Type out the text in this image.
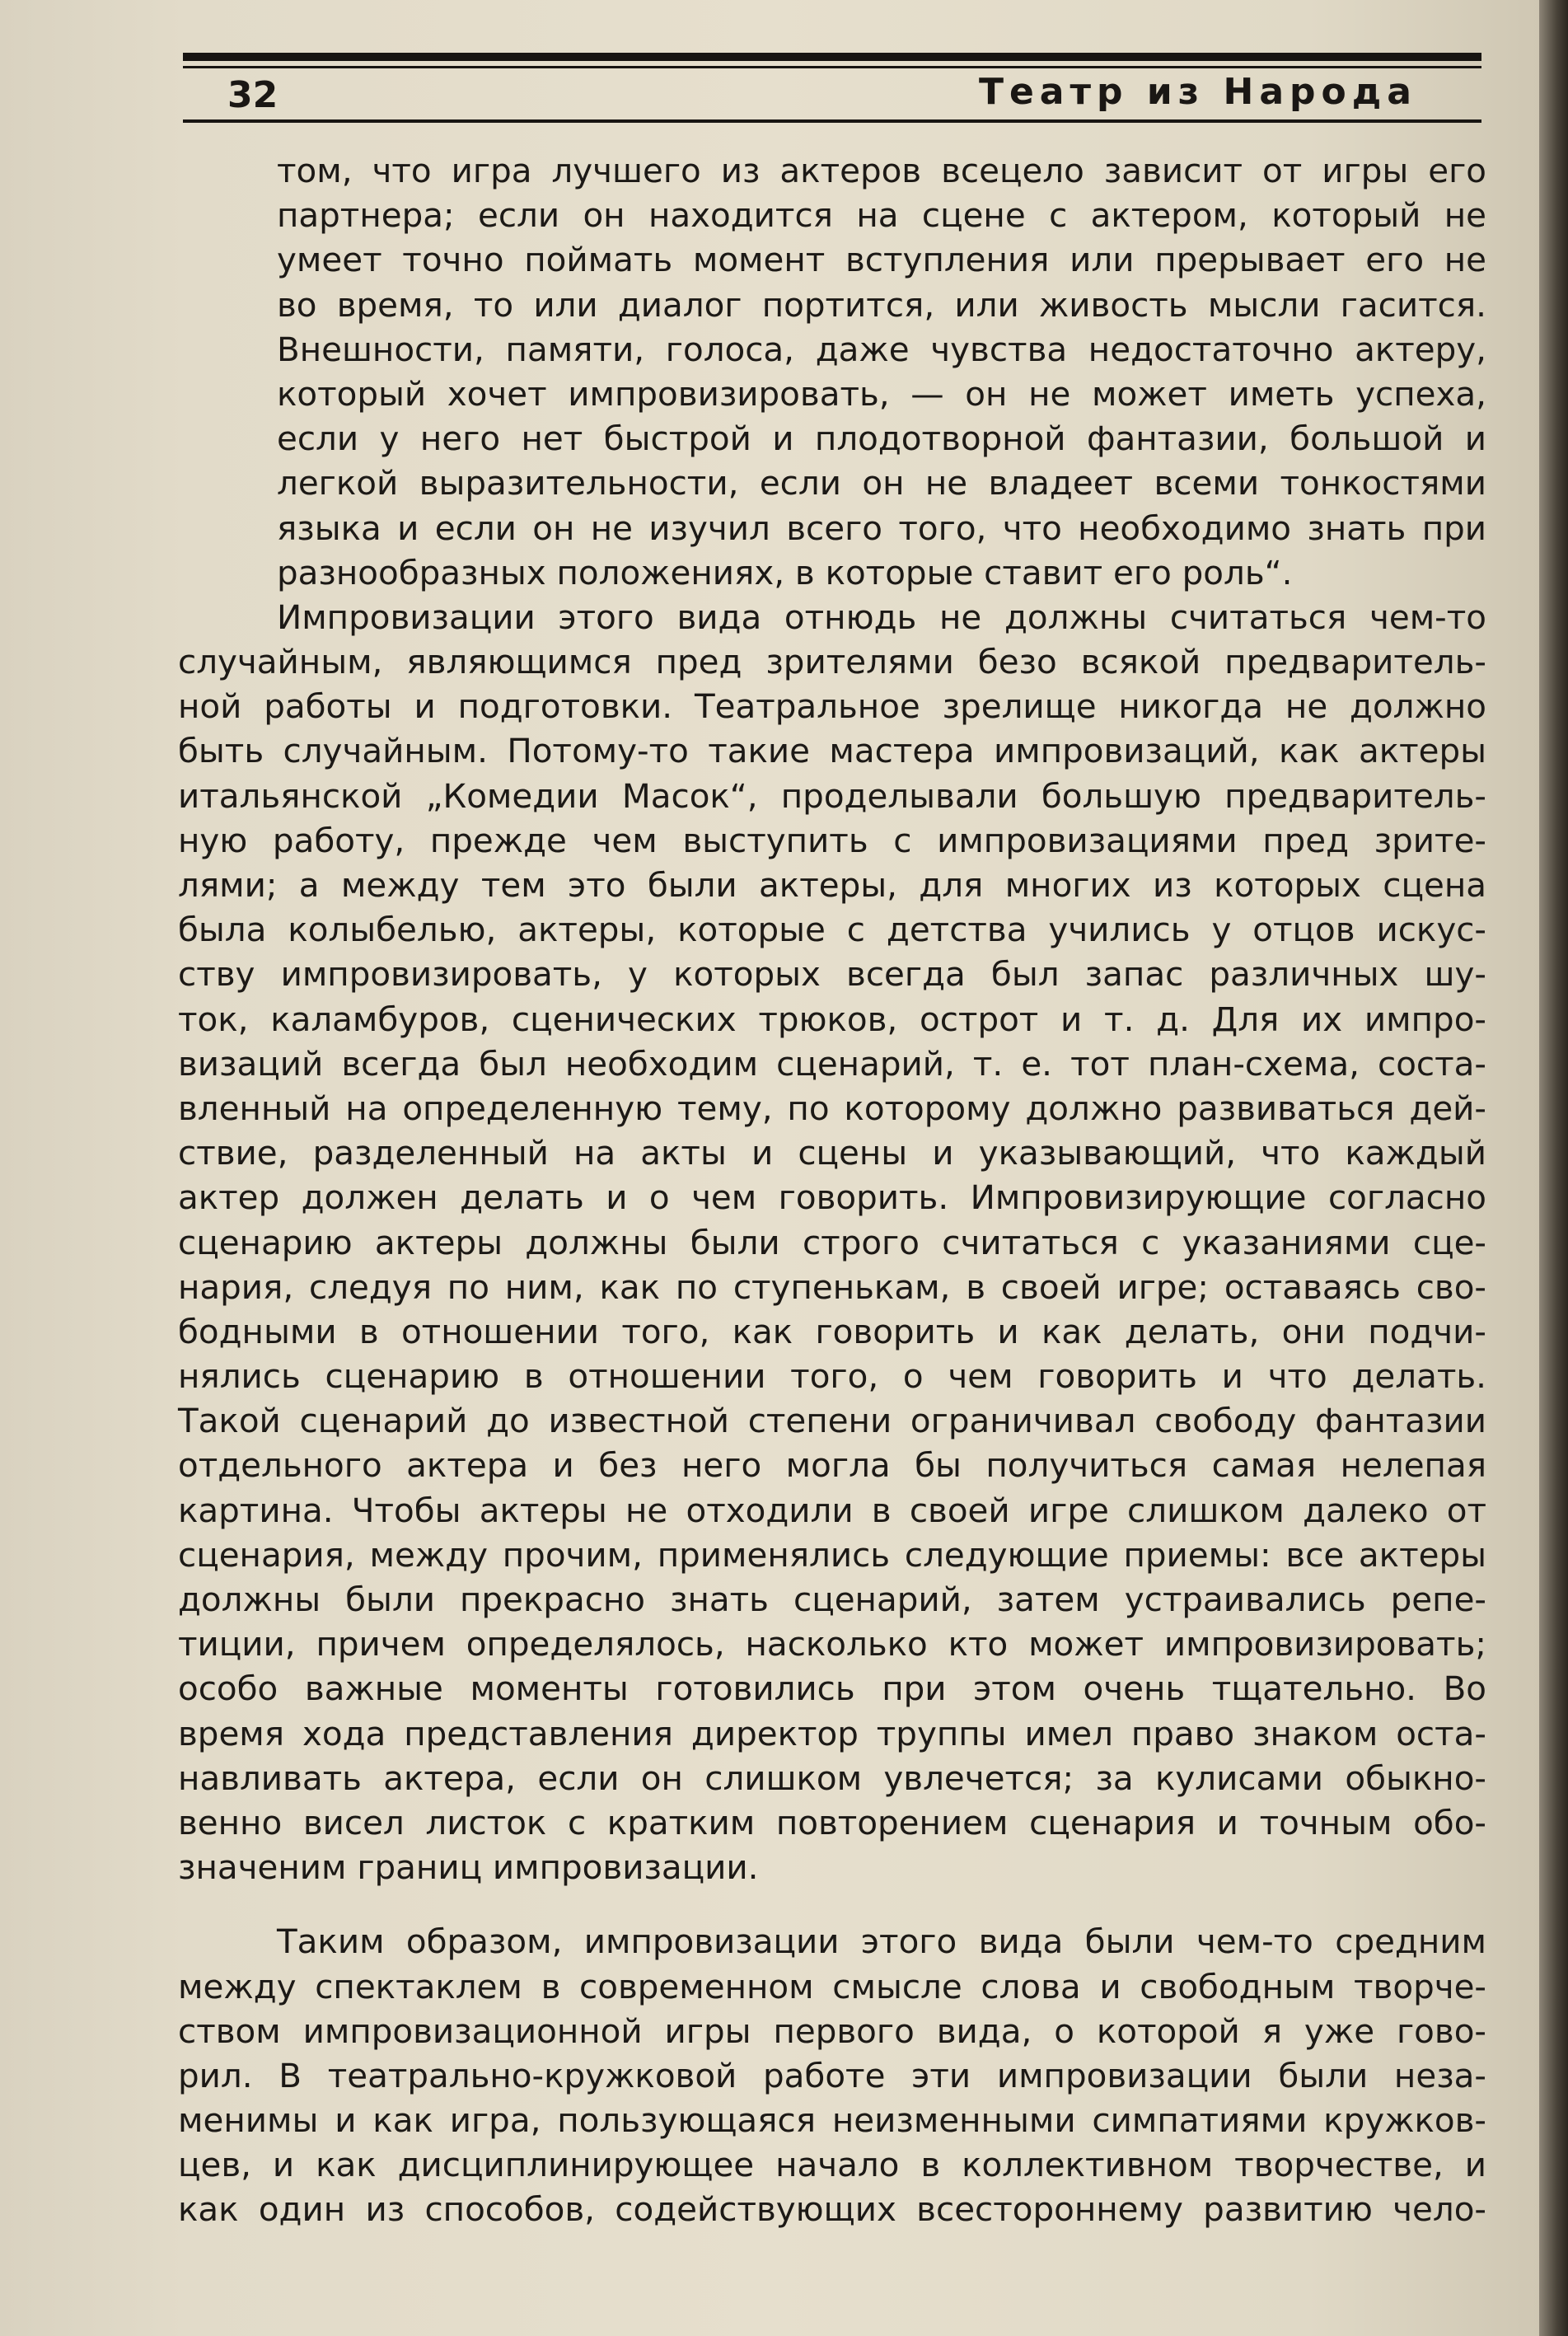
32	Театр из Народа
том, что игра лучшего из актеров всецело зависит от игры его
партнера; если он находится на сцене с актером, который не
умеет точно поймать момент вступления или прерывает его не
во время, то или диалог портится, или живость мысли гасится.
Внешности, памяти, голоса, даже чувства недостаточно актеру,
который хочет импровизировать, — он не может иметь успеха,
если у него нет быстрой и плодотворной фантазии, большой и
легкой выразительности, если он не владеет всеми тонкостями
языка и если он не изучил всего того, что необходимо знать при
разнообразных положениях, в которые ставит его роль“.
Импровизации этого вида отнюдь не должны считаться чем-то
случайным, являющимся пред зрителями безо всякой предваритель-
ной работы и подготовки. Театральное зрелище никогда не должно
быть случайным. Потому-то такие мастера импровизаций, как актеры
итальянской „Комедии Масок“, проделывали большую предваритель-
ную работу, прежде чем выступить с импровизациями пред зрите-
лями; а между тем это были актеры, для многих из которых сцена
была колыбелью, актеры, которые с детства учились у отцов искус-
ству импровизировать, у которых всегда был запас различных шу-
ток, каламбуров, сценических трюков, острот и т. д. Для их импро-
визаций всегда был необходим сценарий, т. е. тот план-схема, соста-
вленный на определенную тему, по которому должно развиваться дей-
ствие, разделенный на акты и сцены и указывающий, что каждый
актер должен делать и о чем говорить. Импровизирующие согласно
сценарию актеры должны были строго считаться с указаниями сце-
нария, следуя по ним, как по ступенькам, в своей игре; оставаясь сво-
бодными в отношении того, как говорить и как делать, они подчи-
нялись сценарию в отношении того, о чем говорить и что делать.
Такой сценарий до известной степени ограничивал свободу фантазии
отдельного актера и без него могла бы получиться самая нелепая
картина. Чтобы актеры не отходили в своей игре слишком далеко от
сценария, между прочим, применялись следующие приемы: все актеры
должны были прекрасно знать сценарий, затем устраивались репе-
тиции, причем определялось, насколько кто может импровизировать;
особо важные моменты готовились при этом очень тщательно. Во
время хода представления директор труппы имел право знаком оста-
навливать актера, если он слишком увлечется; за кулисами обыкно-
венно висел листок с кратким повторением сценария и точным обо-
значеним границ импровизации.
Таким образом, импровизации этого вида были чем-то средним
между спектаклем в современном смысле слова и свободным творче-
ством импровизационной игры первого вида, о которой я уже гово-
рил. В театрально-кружковой работе эти импровизации были неза-
менимы и как игра, пользующаяся неизменными симпатиями кружков-
цев, и как дисциплинирующее начало в коллективном творчестве, и
как один из способов, содействующих всестороннему развитию чело-
